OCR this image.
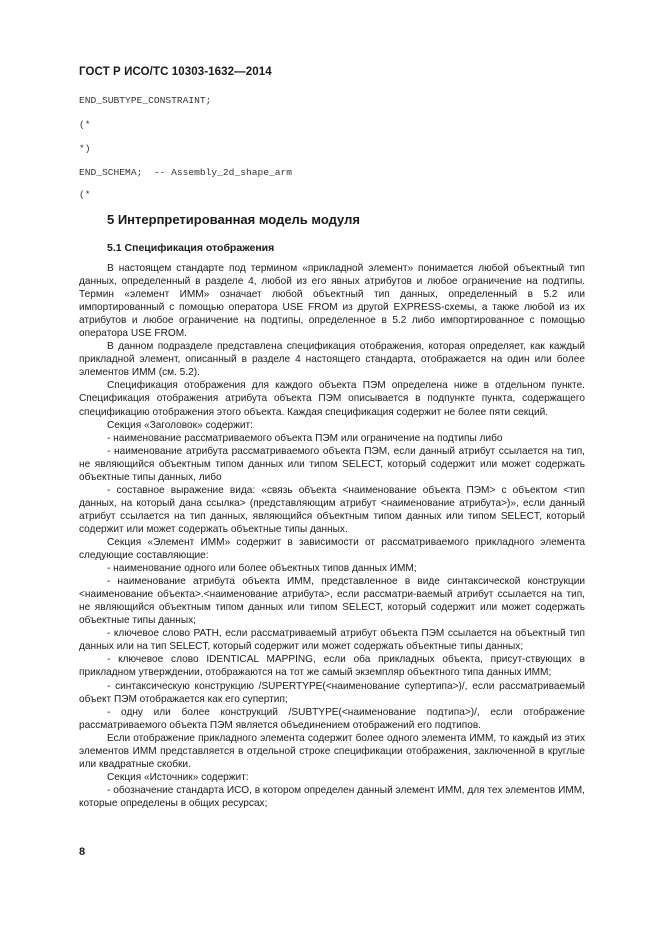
ГОСТ Р ИСО/ТС 10303-1632—2014
END_SUBTYPE_CONSTRAINT;
(*
*)
END_SCHEMA;  -- Assembly_2d_shape_arm
(*
5 Интерпретированная модель модуля
5.1 Спецификация отображения

В настоящем стандарте под термином «прикладной элемент» понимается любой объектный тип данных, определенный в разделе 4, любой из его явных атрибутов и любое ограничение на подтипы. Термин «элемент ИММ» означает любой объектный тип данных, определенный в 5.2 или импортированный с помощью оператора USE FROM из другой EXPRESS-схемы, а также любой из их атрибутов и любое ограничение на подтипы, определенное в 5.2 либо импортированное с помощью оператора USE FROM.

В данном подразделе представлена спецификация отображения, которая определяет, как каждый прикладной элемент, описанный в разделе 4 настоящего стандарта, отображается на один или более элементов ИММ (см. 5.2).

Спецификация отображения для каждого объекта ПЭМ определена ниже в отдельном пункте. Спецификация отображения атрибута объекта ПЭМ описывается в подпункте пункта, содержащего спецификацию отображения этого объекта. Каждая спецификация содержит не более пяти секций.

Секция «Заголовок» содержит:

- наименование рассматриваемого объекта ПЭМ или ограничение на подтипы либо

- наименование атрибута рассматриваемого объекта ПЭМ, если данный атрибут ссылается на тип, не являющийся объектным типом данных или типом SELECT, который содержит или может содержать объектные типы данных, либо

- составное выражение вида: «связь объекта <наименование объекта ПЭМ> с объектом <тип данных, на который дана ссылка> (представляющим атрибут <наименование атрибута>)», если данный атрибут ссылается на тип данных, являющийся объектным типом данных или типом SELECT, который содержит или может содержать объектные типы данных.

Секция «Элемент ИММ» содержит в зависимости от рассматриваемого прикладного элемента следующие составляющие:

- наименование одного или более объектных типов данных ИММ;

- наименование атрибута объекта ИММ, представленное в виде синтаксической конструкции <наименование объекта>.<наименование атрибута>, если рассматри-ваемый атрибут ссылается на тип, не являющийся объектным типом данных или типом SELECT, который содержит или может содержать объектные типы данных;

- ключевое слово PATH, если рассматриваемый атрибут объекта ПЭМ ссылается на объектный тип данных или на тип SELECT, который содержит или может содержать объектные типы данных;

- ключевое слово IDENTICAL MAPPING, если оба прикладных объекта, присут-ствующих в прикладном утверждении, отображаются на тот же самый экземпляр объектного типа данных ИММ;

- синтаксическую конструкцию /SUPERTYPE(<наименование супертипа>)/, если рассматриваемый объект ПЭМ отображается как его супертип;

- одну или более конструкций /SUBTYPE(<наименование подтипа>)/, если отображение рассматриваемого объекта ПЭМ является объединением отображений его подтипов.

Если отображение прикладного элемента содержит более одного элемента ИММ, то каждый из этих элементов ИММ представляется в отдельной строке спецификации отображения, заключенной в круглые или квадратные скобки.

Секция «Источник» содержит:

- обозначение стандарта ИСО, в котором определен данный элемент ИММ, для тех элементов ИММ, которые определены в общих ресурсах;

8
